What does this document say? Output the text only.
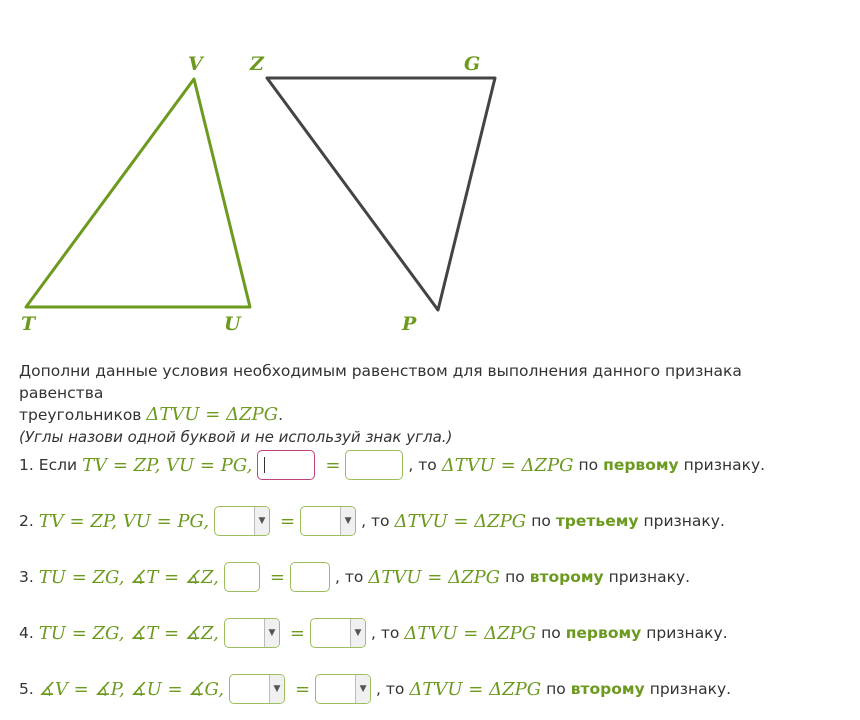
V
T	U
Z	G
P
Дополни данные условия необходимым равенством для выполнения данного признака равенства
треугольников ΔTVU = ΔZPG.
(Углы назови одной буквой и не используй знак угла.)
1. Если TV = ZP, VU = PG,	=	, то ΔTVU = ΔZPG по первому признаку.
2. TV = ZP, VU = PG,	▼ =	▼ , то ΔTVU = ΔZPG по третьему признаку.
3. TU = ZG, ∡T = ∡Z,	=	, то ΔTVU = ΔZPG по второму признаку.
4. TU = ZG, ∡T = ∡Z,	▼ =	▼ , то ΔTVU = ΔZPG по первому признаку.
5. ∡V = ∡P, ∡U = ∡G,	▼ =	▼ , то ΔTVU = ΔZPG по второму признаку.
